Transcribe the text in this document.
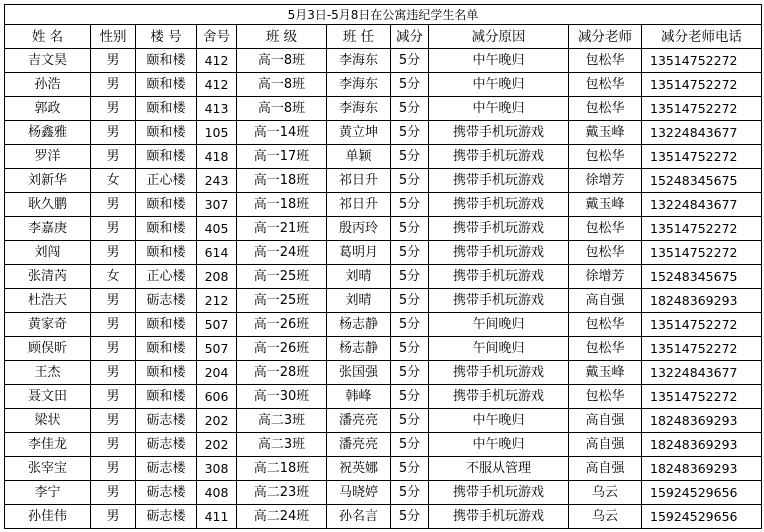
5月3日-5月8日在公寓违纪学生名单									
姓 名	性别	楼 号	舍号	班 级	班 任	减分	减分原因	减分老师	减分老师电话
吉文昊	男	颐和楼	412	高一8班	李海东	5分	中午晚归	包松华	13514752272
孙浩	男	颐和楼	412	高一8班	李海东	5分	中午晚归	包松华	13514752272
郭政	男	颐和楼	413	高一8班	李海东	5分	中午晚归	包松华	13514752272
杨鑫雅	男	颐和楼	105	高一14班	黄立坤	5分	携带手机玩游戏	戴玉峰	13224843677
罗洋	男	颐和楼	418	高一17班	单颖	5分	携带手机玩游戏	包松华	13514752272
刘新华	女	正心楼	243	高一18班	祁日升	5分	携带手机玩游戏	徐增芳	15248345675
耿久鹏	男	颐和楼	307	高一18班	祁日升	5分	携带手机玩游戏	戴玉峰	13224843677
李嘉庚	男	颐和楼	405	高一21班	殷丙玲	5分	携带手机玩游戏	包松华	13514752272
刘闯	男	颐和楼	614	高一24班	葛明月	5分	携带手机玩游戏	包松华	13514752272
张清芮	女	正心楼	208	高一25班	刘晴	5分	携带手机玩游戏	徐增芳	15248345675
杜浩天	男	砺志楼	212	高一25班	刘晴	5分	携带手机玩游戏	高自强	18248369293
黄家奇	男	颐和楼	507	高一26班	杨志静	5分	午间晚归	包松华	13514752272
顾俣昕	男	颐和楼	507	高一26班	杨志静	5分	午间晚归	包松华	13514752272
王杰	男	颐和楼	204	高一28班	张国强	5分	携带手机玩游戏	戴玉峰	13224843677
聂文田	男	颐和楼	606	高一30班	韩峰	5分	携带手机玩游戏	包松华	13514752272
梁状	男	砺志楼	202	高二3班	潘亮亮	5分	中午晚归	高自强	18248369293
李佳龙	男	砺志楼	202	高二3班	潘亮亮	5分	中午晚归	高自强	18248369293
张宰宝	男	砺志楼	308	高二18班	祝英娜	5分	不服从管理	高自强	18248369293
李宁	男	砺志楼	408	高二23班	马晓婷	5分	携带手机玩游戏	乌云	15924529656
孙佳伟	男	砺志楼	411	高二24班	孙名言	5分	携带手机玩游戏	乌云	15924529656
